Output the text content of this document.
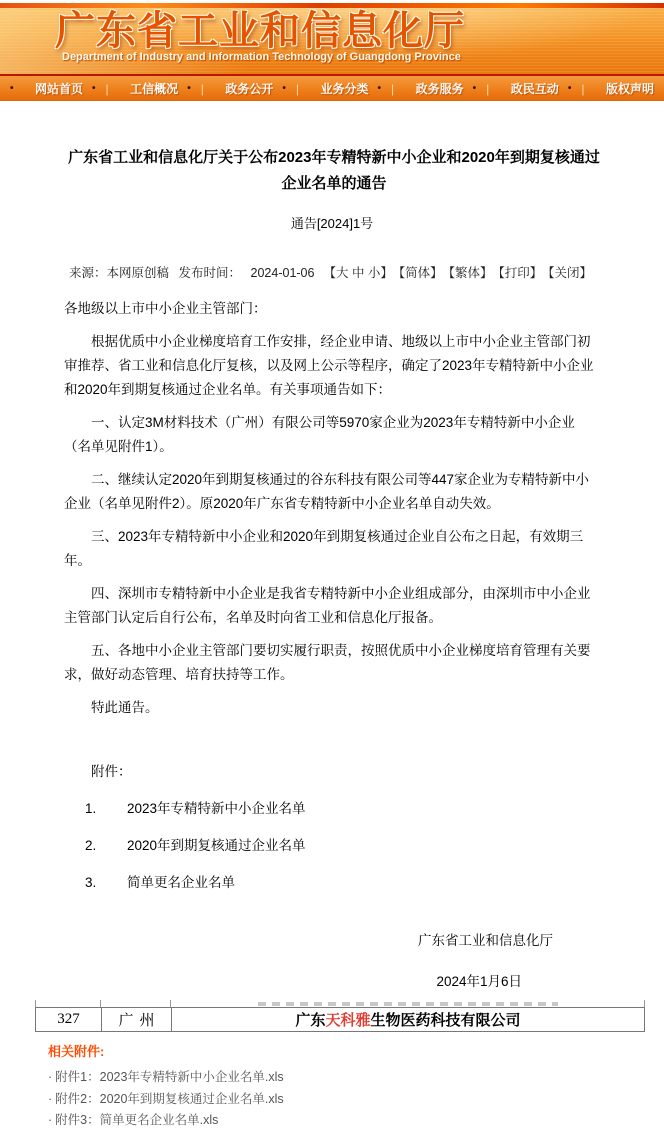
广东省工业和信息化厅
Department of Industry and Information Technology of Guangdong Province
• 网站首页 • | 工信概况 • | 政务公开 • | 业务分类 • | 政务服务 • | 政民互动 • | 版权声明
广东省工业和信息化厅关于公布2023年专精特新中小企业和2020年到期复核通过企业名单的通告
通告[2024]1号
来源：本网原创稿 发布时间： 2024-01-06 【大 中 小】 【简体】 【繁体】 【打印】 【关闭】

各地级以上市中小企业主管部门：

根据优质中小企业梯度培育工作安排，经企业申请、地级以上市中小企业主管部门初审推荐、省工业和信息化厅复核，以及网上公示等程序，确定了2023年专精特新中小企业和2020年到期复核通过企业名单。有关事项通告如下：

一、认定3M材料技术（广州）有限公司等5970家企业为2023年专精特新中小企业（名单见附件1）。

二、继续认定2020年到期复核通过的谷东科技有限公司等447家企业为专精特新中小企业（名单见附件2）。原2020年广东省专精特新中小企业名单自动失效。

三、2023年专精特新中小企业和2020年到期复核通过企业自公布之日起，有效期三年。

四、深圳市专精特新中小企业是我省专精特新中小企业组成部分，由深圳市中小企业主管部门认定后自行公布，名单及时向省工业和信息化厅报备。

五、各地中小企业主管部门要切实履行职责，按照优质中小企业梯度培育管理有关要求，做好动态管理、培育扶持等工作。

特此通告。

附件：

1.	2023年专精特新中小企业名单
2.	2020年到期复核通过企业名单
3.	简单更名企业名单
广东省工业和信息化厅
2024年1月6日
327	广州	广东 天科雅 生物医药科技有限公司
相关附件:
· 附件1：2023年专精特新中小企业名单.xls
· 附件2：2020年到期复核通过企业名单.xls
· 附件3：简单更名企业名单.xls
